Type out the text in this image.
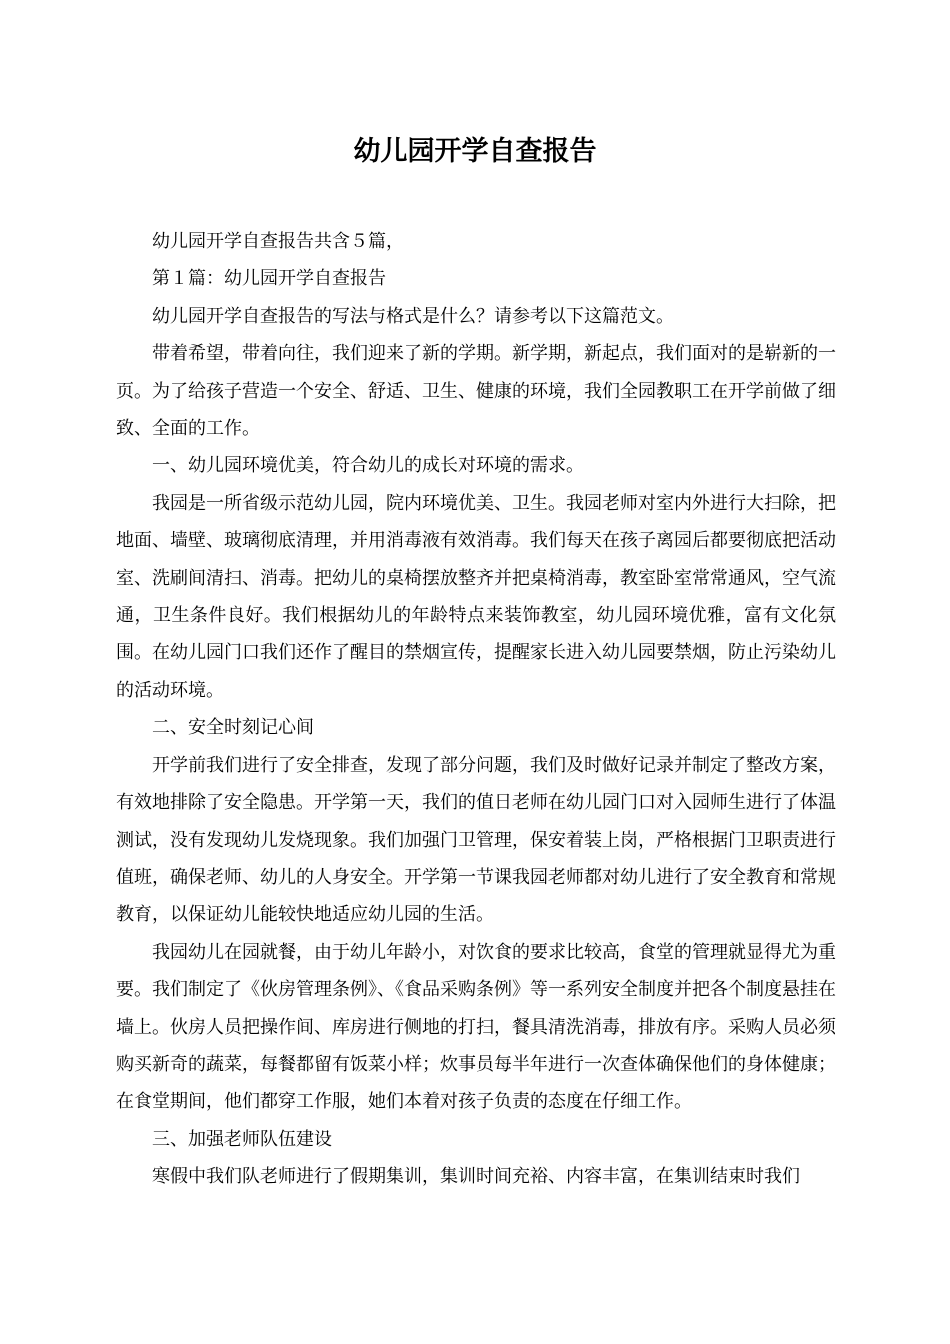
幼儿园开学自查报告

幼儿园开学自查报告共含５篇，

第１篇：幼儿园开学自查报告

幼儿园开学自查报告的写法与格式是什么？请参考以下这篇范文。

带着希望，带着向往，我们迎来了新的学期。新学期，新起点，我们面对的是崭新的一页。为了给孩子营造一个安全、舒适、卫生、健康的环境，我们全园教职工在开学前做了细致、全面的工作。

一、幼儿园环境优美，符合幼儿的成长对环境的需求。

我园是一所省级示范幼儿园，院内环境优美、卫生。我园老师对室内外进行大扫除，把地面、墙壁、玻璃彻底清理，并用消毒液有效消毒。我们每天在孩子离园后都要彻底把活动室、洗刷间清扫、消毒。把幼儿的桌椅摆放整齐并把桌椅消毒，教室卧室常常通风，空气流通，卫生条件良好。我们根据幼儿的年龄特点来装饰教室，幼儿园环境优雅，富有文化氛围。在幼儿园门口我们还作了醒目的禁烟宣传，提醒家长进入幼儿园要禁烟，防止污染幼儿的活动环境。

二、安全时刻记心间

开学前我们进行了安全排查，发现了部分问题，我们及时做好记录并制定了整改方案，有效地排除了安全隐患。开学第一天，我们的值日老师在幼儿园门口对入园师生进行了体温测试，没有发现幼儿发烧现象。我们加强门卫管理，保安着装上岗，严格根据门卫职责进行值班，确保老师、幼儿的人身安全。开学第一节课我园老师都对幼儿进行了安全教育和常规教育，以保证幼儿能较快地适应幼儿园的生活。

我园幼儿在园就餐，由于幼儿年龄小，对饮食的要求比较高，食堂的管理就显得尤为重要。我们制定了《伙房管理条例》、《食品采购条例》等一系列安全制度并把各个制度悬挂在墙上。伙房人员把操作间、库房进行侧地的打扫，餐具清洗消毒，排放有序。采购人员必须购买新奇的蔬菜，每餐都留有饭菜小样；炊事员每半年进行一次查体确保他们的身体健康；在食堂期间，他们都穿工作服，她们本着对孩子负责的态度在仔细工作。

三、加强老师队伍建设

寒假中我们队老师进行了假期集训，集训时间充裕、内容丰富，在集训结束时我们
